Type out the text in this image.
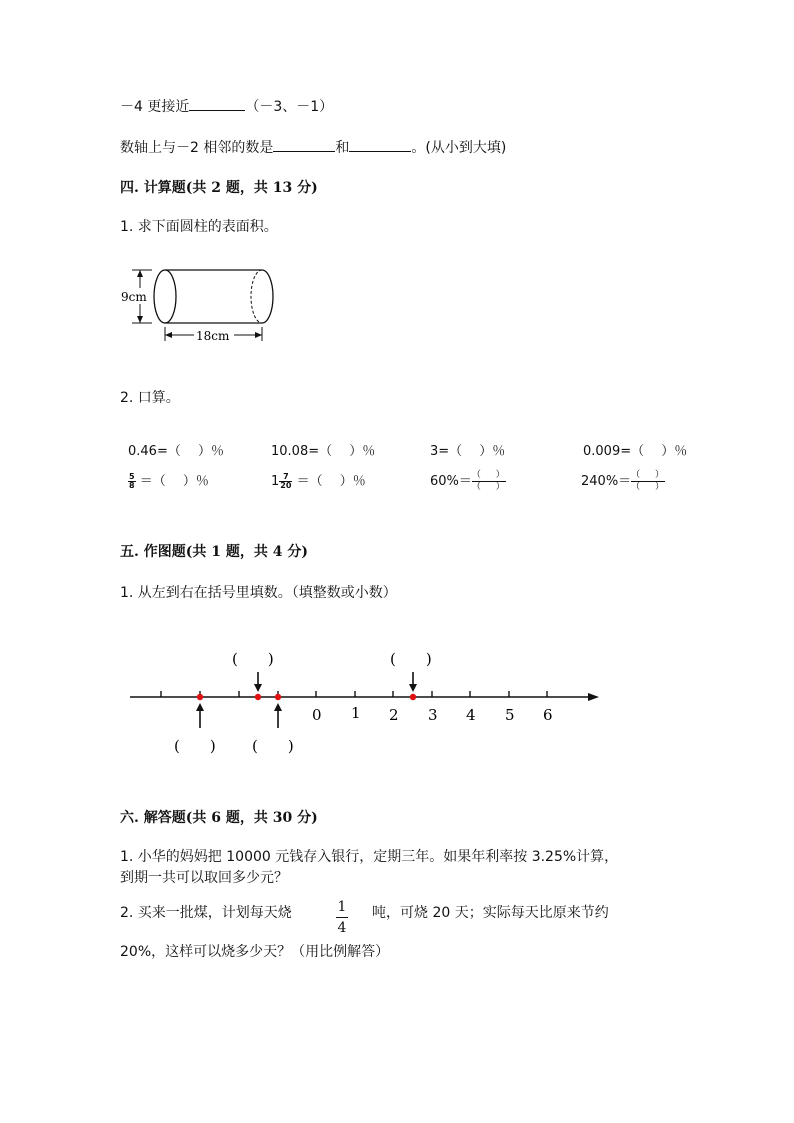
－4 更接近	（－3、－1）
数轴上与－2 相邻的数是	和	。(从小到大填)
四. 计算题(共 2 题，共 13 分)
1. 求下面圆柱的表面积。
9cm
18cm
2. 口算。
0.46=（　 ）％	10.08=（　 ）％	3=（　 ）％	0.009=（　 ）％
$\frac{5}{8}$ ＝（　 ）％	$1 \frac{7}{20}$ ＝（　 ）％	$60\%= \frac{( )}{( )}$	$240\%= \frac{( )}{( )}$
五. 作图题(共 1 题，共 4 分)
1. 从左到右在括号里填数。（填整数或小数）
0 1 2 3 4 5 6
(　　)	(　　)
(　　) (　　)
六. 解答题(共 6 题，共 30 分)
1. 小华的妈妈把 10000 元钱存入银行，定期三年。如果年利率按 3.25%计算，
到期一共可以取回多少元？
2. 买来一批煤，计划每天烧	$\frac{1}{4}$ 吨，可烧 20 天；实际每天比原来节约
20%，这样可以烧多少天？（用比例解答）
